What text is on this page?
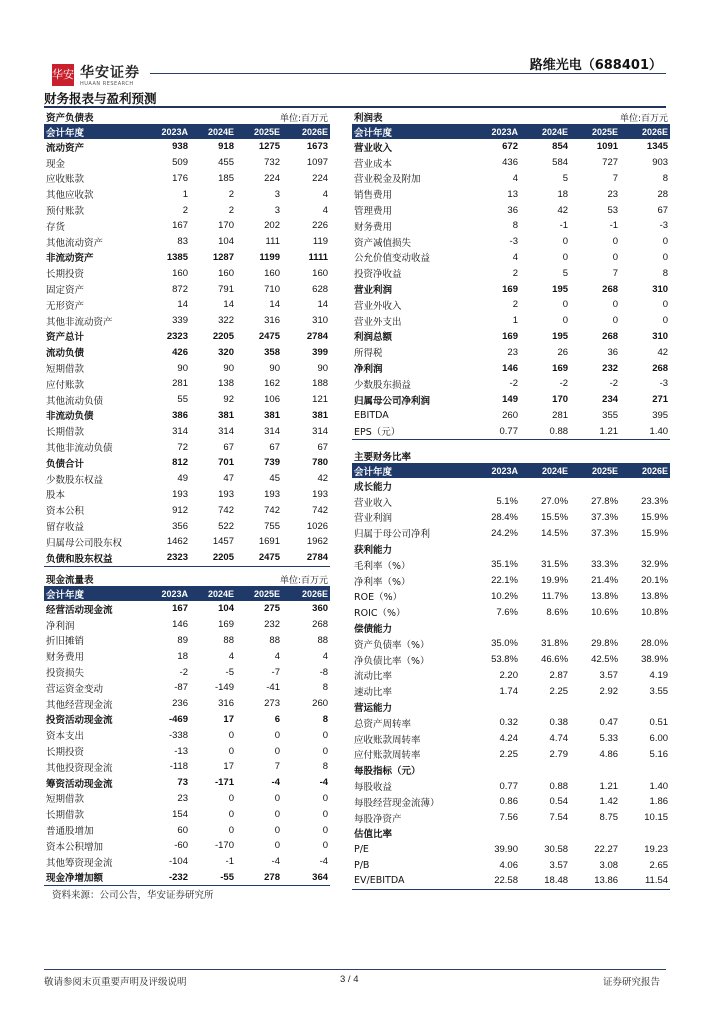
华安 华安证券
HUAAN RESEARCH
路维光电（688401）
财务报表与盈利预测
资产负债表			单位:百万元	
会计年度	2023A	2024E	2025E	2026E
流动资产	938	918	1275	1673
现金	509	455	732	1097
应收账款	176	185	224	224
其他应收款	1	2	3	4
预付账款	2	2	3	4
存货	167	170	202	226
其他流动资产	83	104	111	119
非流动资产	1385	1287	1199	1111
长期投资	160	160	160	160
固定资产	872	791	710	628
无形资产	14	14	14	14
其他非流动资产	339	322	316	310
资产总计	2323	2205	2475	2784
流动负债	426	320	358	399
短期借款	90	90	90	90
应付账款	281	138	162	188
其他流动负债	55	92	106	121
非流动负债	386	381	381	381
长期借款	314	314	314	314
其他非流动负债	72	67	67	67
负债合计	812	701	739	780
少数股东权益	49	47	45	42
股本	193	193	193	193
资本公积	912	742	742	742
留存收益	356	522	755	1026
归属母公司股东权	1462	1457	1691	1962
负债和股东权益	2323	2205	2475	2784
现金流量表			单位:百万元	
会计年度	2023A	2024E	2025E	2026E
经营活动现金流	167	104	275	360
净利润	146	169	232	268
折旧摊销	89	88	88	88
财务费用	18	4	4	4
投资损失	-2	-5	-7	-8
营运资金变动	-87	-149	-41	8
其他经营现金流	236	316	273	260
投资活动现金流	-469	17	6	8
资本支出	-338	0	0	0
长期投资	-13	0	0	0
其他投资现金流	-118	17	7	8
筹资活动现金流	73	-171	-4	-4
短期借款	23	0	0	0
长期借款	154	0	0	0
普通股增加	60	0	0	0
资本公积增加	-60	-170	0	0
其他筹资现金流	-104	-1	-4	-4
现金净增加额	-232	-55	278	364
利润表			单位:百万元	
会计年度	2023A	2024E	2025E	2026E
营业收入	672	854	1091	1345
营业成本	436	584	727	903
营业税金及附加	4	5	7	8
销售费用	13	18	23	28
管理费用	36	42	53	67
财务费用	8	-1	-1	-3
资产减值损失	-3	0	0	0
公允价值变动收益	4	0	0	0
投资净收益	2	5	7	8
营业利润	169	195	268	310
营业外收入	2	0	0	0
营业外支出	1	0	0	0
利润总额	169	195	268	310
所得税	23	26	36	42
净利润	146	169	232	268
少数股东损益	-2	-2	-2	-3
归属母公司净利润	149	170	234	271
EBITDA	260	281	355	395
EPS（元）	0.77	0.88	1.21	1.40
主要财务比率				
会计年度	2023A	2024E	2025E	2026E
成长能力				
营业收入	5.1%	27.0%	27.8%	23.3%
营业利润	28.4%	15.5%	37.3%	15.9%
归属于母公司净利	24.2%	14.5%	37.3%	15.9%
获利能力				
毛利率（%）	35.1%	31.5%	33.3%	32.9%
净利率（%）	22.1%	19.9%	21.4%	20.1%
ROE（%）	10.2%	11.7%	13.8%	13.8%
ROIC（%）	7.6%	8.6%	10.6%	10.8%
偿债能力				
资产负债率（%）	35.0%	31.8%	29.8%	28.0%
净负债比率（%）	53.8%	46.6%	42.5%	38.9%
流动比率	2.20	2.87	3.57	4.19
速动比率	1.74	2.25	2.92	3.55
营运能力				
总资产周转率	0.32	0.38	0.47	0.51
应收账款周转率	4.24	4.74	5.33	6.00
应付账款周转率	2.25	2.79	4.86	5.16
每股指标（元）				
每股收益	0.77	0.88	1.21	1.40
每股经营现金流薄）	0.86	0.54	1.42	1.86
每股净资产	7.56	7.54	8.75	10.15
估值比率				
P/E	39.90	30.58	22.27	19.23
P/B	4.06	3.57	3.08	2.65
EV/EBITDA	22.58	18.48	13.86	11.54
资料来源：公司公告，华安证券研究所
敬请参阅末页重要声明及评级说明	3 / 4	证券研究报告
